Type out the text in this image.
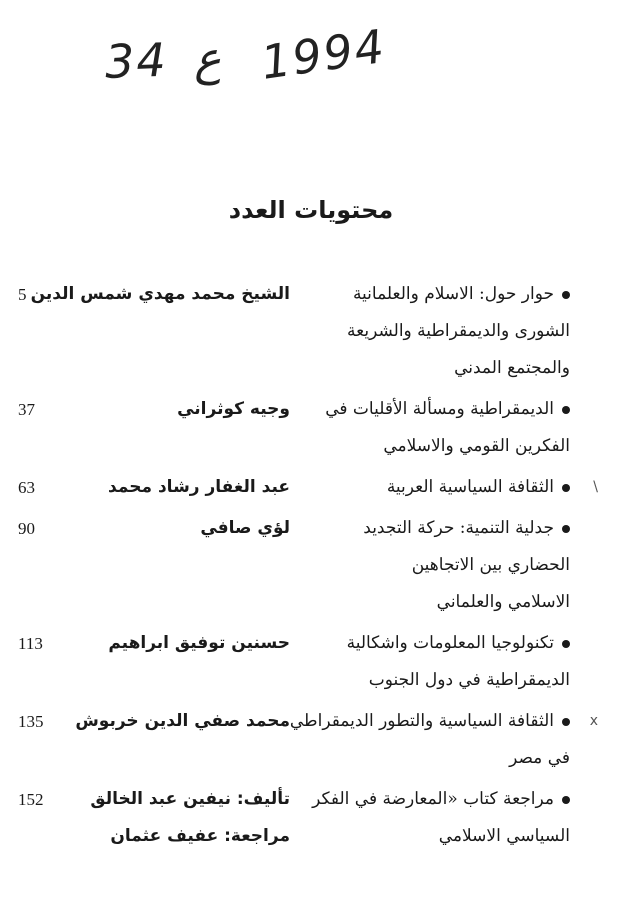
34 ع 1994
محتويات العدد
حوار حول: الاسلام والعلمانية
الشورى والديمقراطية والشريعة
والمجتمع المدني
الشيخ محمد مهدي شمس الدين
5
الديمقراطية ومسألة الأقليات في
الفكرين القومي والاسلامي
وجيه كوثراني
37
الثقافة السياسية العربية
عبد الغفار رشاد محمد
63	\
جدلية التنمية: حركة التجديد
الحضاري بين الاتجاهين
الاسلامي والعلماني
لؤي صافي
90
تكنولوجيا المعلومات واشكالية
الديمقراطية في دول الجنوب
حسنين توفيق ابراهيم
113
الثقافة السياسية والتطور الديمقراطي
في مصر
محمد صفي الدين خربوش
135	x
مراجعة كتاب «المعارضة في الفكر
السياسي الاسلامي
تأليف: نيفين عبد الخالق
مراجعة: عفيف عثمان
152
